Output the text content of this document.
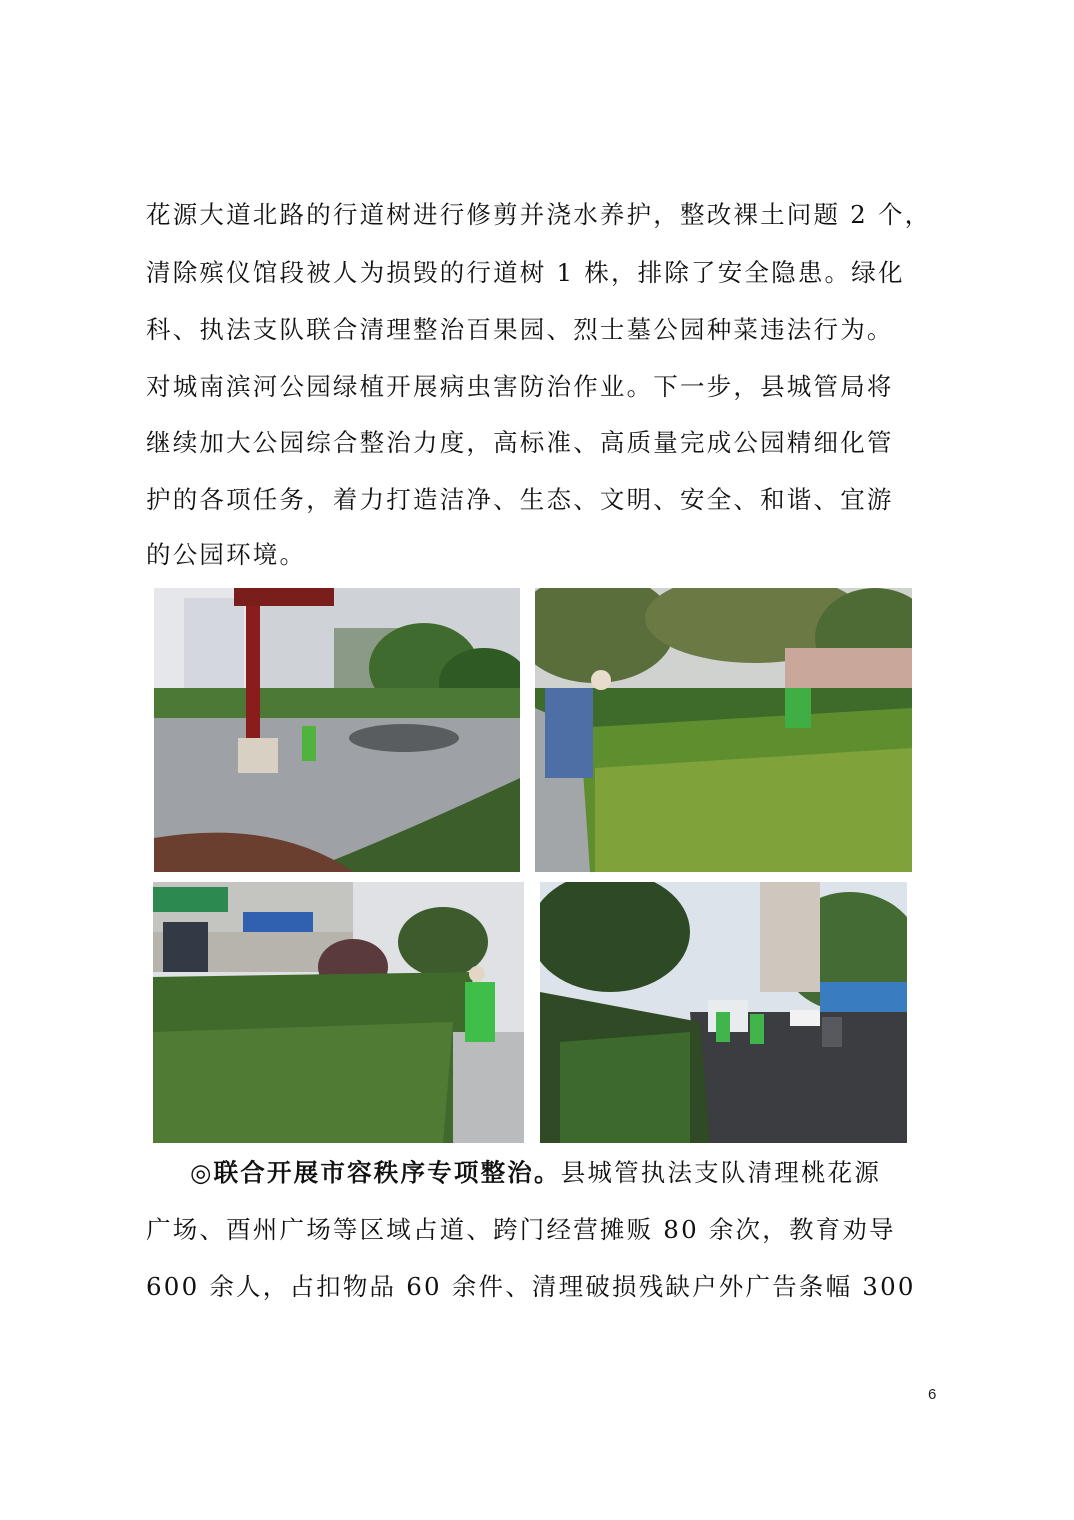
花源大道北路的行道树进行修剪并浇水养护，整改裸土问题 2 个，
清除殡仪馆段被人为损毁的行道树 1 株，排除了安全隐患。绿化
科、执法支队联合清理整治百果园、烈士墓公园种菜违法行为。
对城南滨河公园绿植开展病虫害防治作业。下一步，县城管局将
继续加大公园综合整治力度，高标准、高质量完成公园精细化管
护的各项任务，着力打造洁净、生态、文明、安全、和谐、宜游
的公园环境。
◎联合开展市容秩序专项整治。县城管执法支队清理桃花源
广场、酉州广场等区域占道、跨门经营摊贩 80 余次，教育劝导
600 余人，占扣物品 60 余件、清理破损残缺户外广告条幅 300
6
